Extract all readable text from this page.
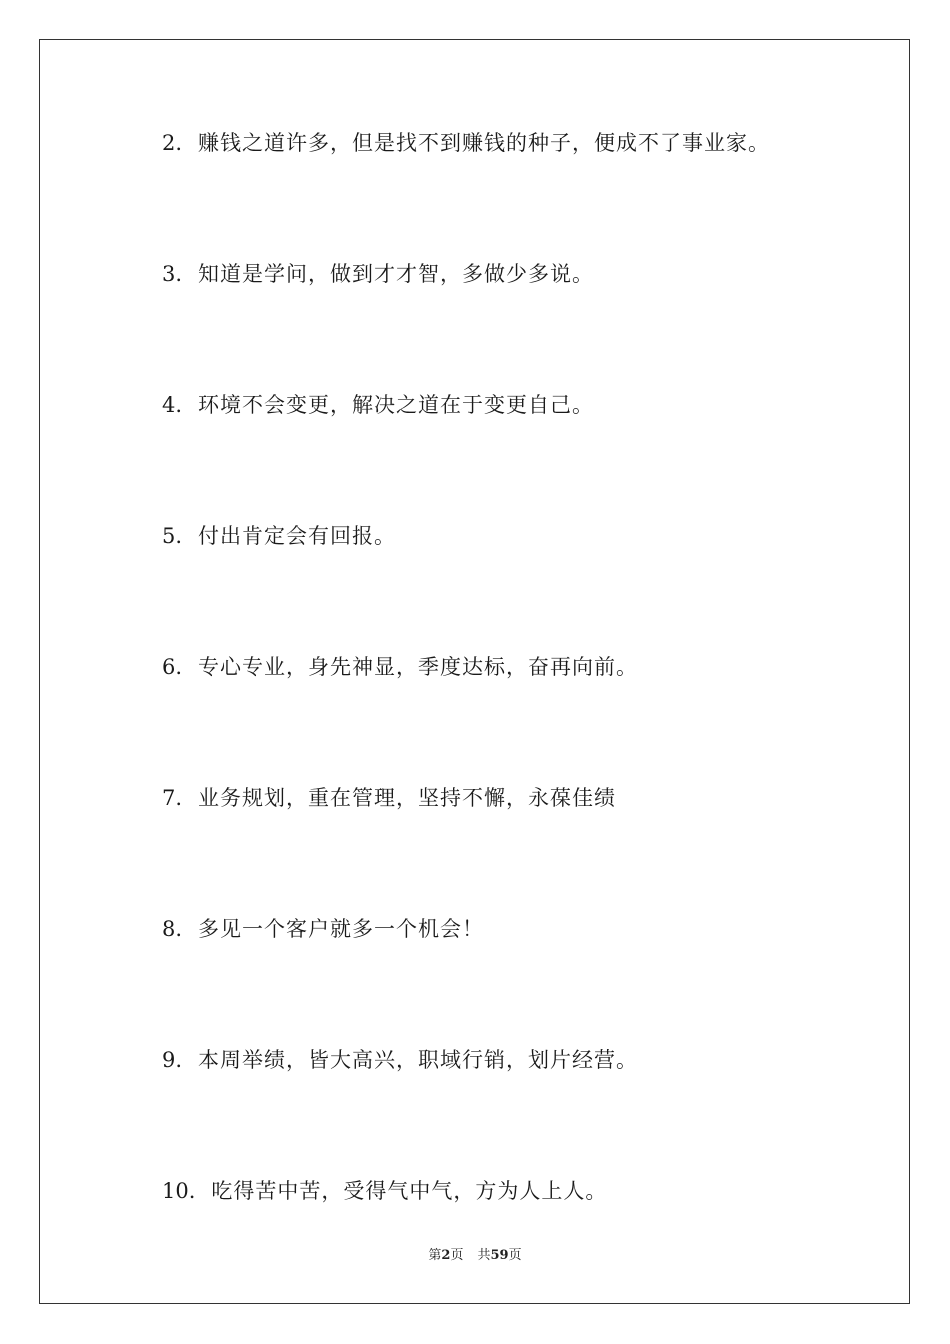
2. 赚钱之道许多，但是找不到赚钱的种子，便成不了事业家。
3. 知道是学问，做到才才智，多做少多说。
4. 环境不会变更，解决之道在于变更自己。
5. 付出肯定会有回报。
6. 专心专业，身先神显，季度达标，奋再向前。
7. 业务规划，重在管理，坚持不懈，永葆佳绩
8. 多见一个客户就多一个机会！
9. 本周举绩，皆大高兴，职域行销，划片经营。
10. 吃得苦中苦，受得气中气，方为人上人。
第2页 共59页
